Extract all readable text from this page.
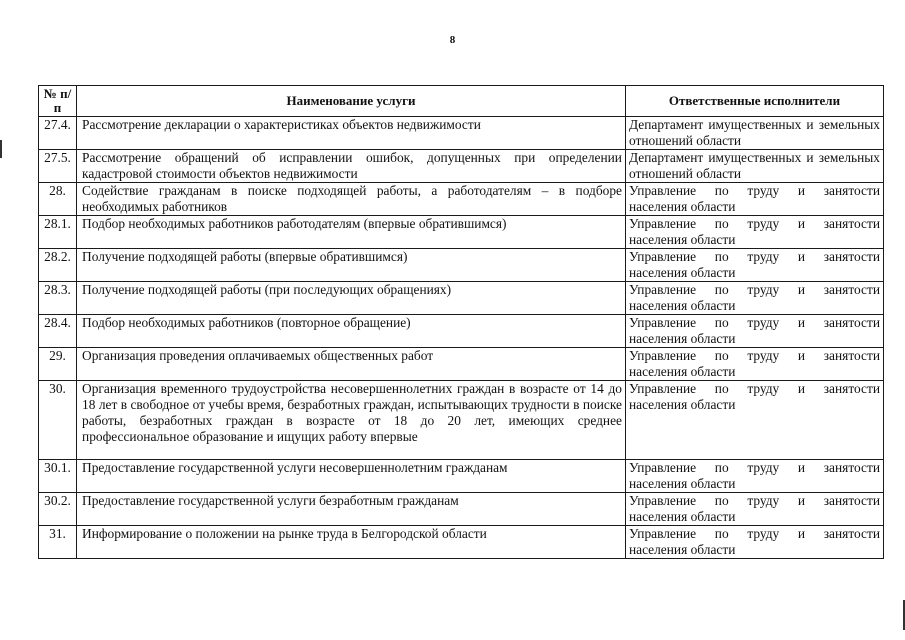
8
№ п/п	Наименование услуги	Ответственные исполнители
27.4.	Рассмотрение декларации о характеристиках объектов недвижимости	Департамент имущественных и земельных отношений области
27.5.	Рассмотрение обращений об исправлении ошибок, допущенных при определении кадастровой стоимости объектов недвижимости	Департамент имущественных и земельных отношений области
28.	Содействие гражданам в поиске подходящей работы, а работодателям – в подборе необходимых работников	Управление по труду и занятости населения области
28.1.	Подбор необходимых работников работодателям (впервые обратившимся)	Управление по труду и занятости населения области
28.2.	Получение подходящей работы (впервые обратившимся)	Управление по труду и занятости населения области
28.3.	Получение подходящей работы (при последующих обращениях)	Управление по труду и занятости населения области
28.4.	Подбор необходимых работников (повторное обращение)	Управление по труду и занятости населения области
29.	Организация проведения оплачиваемых общественных работ	Управление по труду и занятости населения области
30.	Организация временного трудоустройства несовершеннолетних граждан в возрасте от 14 до 18 лет в свободное от учебы время, безработных граждан, испытывающих трудности в поиске работы, безработных граждан в возрасте от 18 до 20 лет, имеющих среднее профессиональное образование и ищущих работу впервые	Управление по труду и занятости населения области
30.1.	Предоставление государственной услуги несовершеннолетним гражданам	Управление по труду и занятости населения области
30.2.	Предоставление государственной услуги безработным гражданам	Управление по труду и занятости населения области
31.	Информирование о положении на рынке труда в Белгородской области	Управление по труду и занятости населения области
